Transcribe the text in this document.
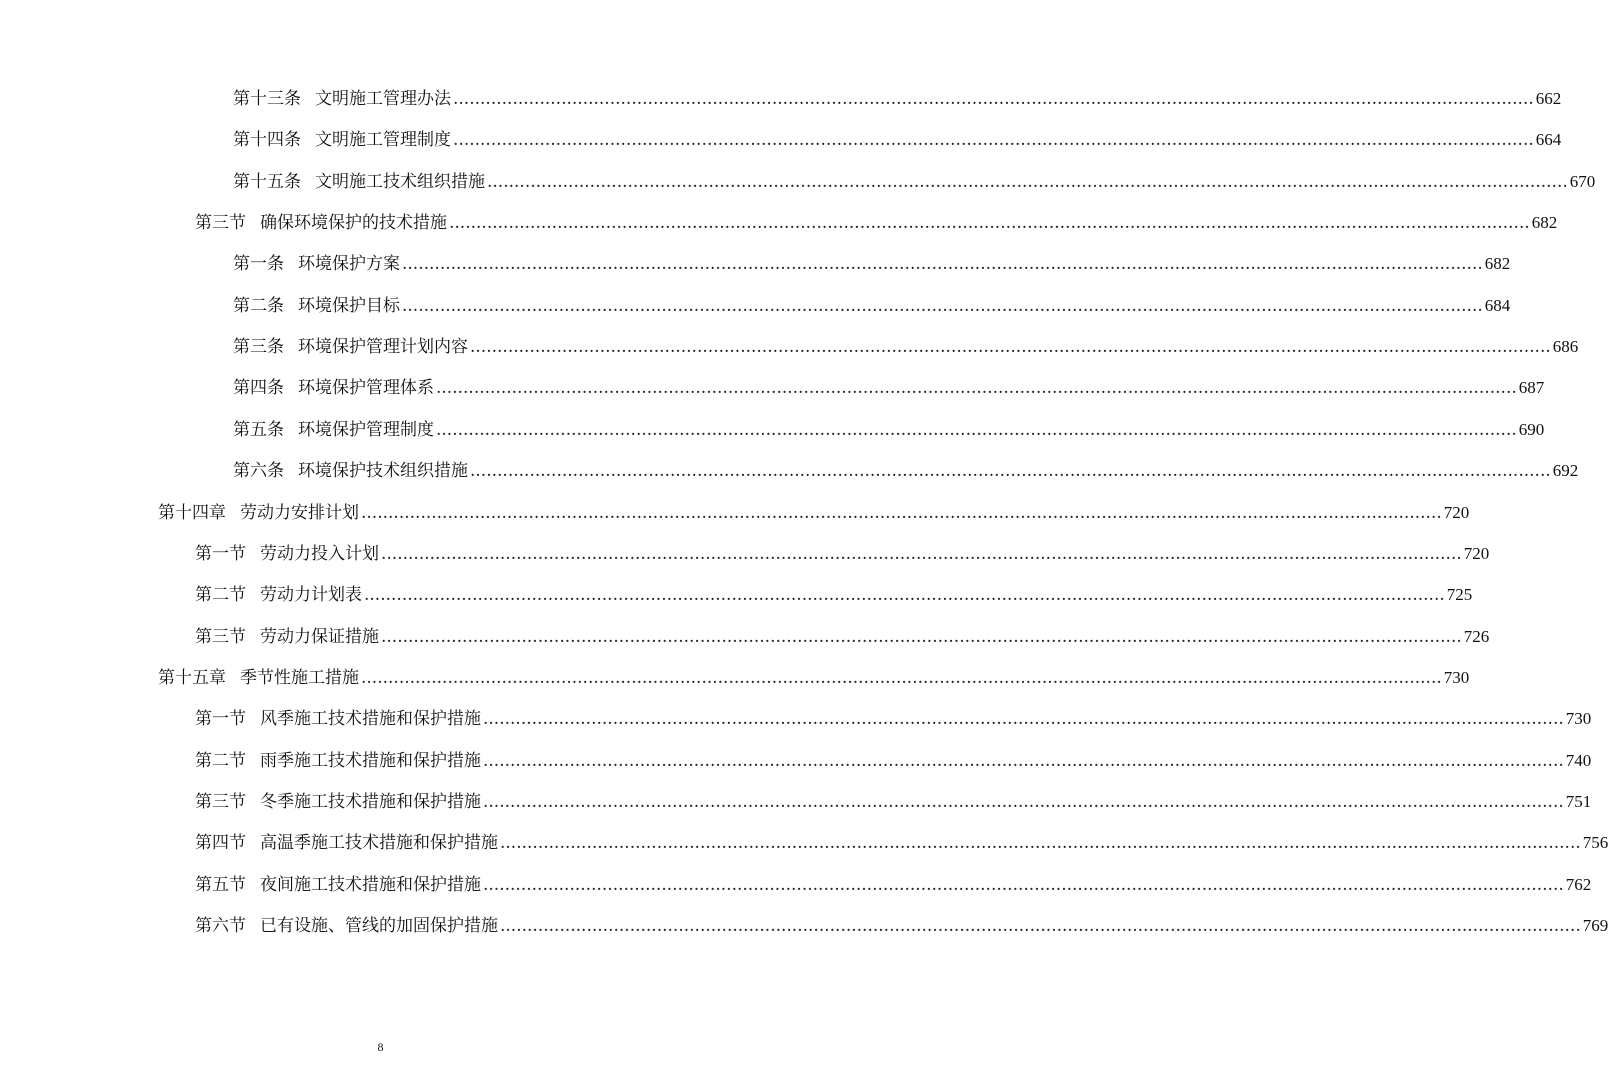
第十三条 文明施工管理办法 ........................................................................................................................................................................................................ 662
第十四条 文明施工管理制度 ........................................................................................................................................................................................................ 664
第十五条 文明施工技术组织措施 ........................................................................................................................................................................................................ 670
第三节 确保环境保护的技术措施 ........................................................................................................................................................................................................ 682
第一条 环境保护方案 ........................................................................................................................................................................................................ 682
第二条 环境保护目标 ........................................................................................................................................................................................................ 684
第三条 环境保护管理计划内容 ........................................................................................................................................................................................................ 686
第四条 环境保护管理体系 ........................................................................................................................................................................................................ 687
第五条 环境保护管理制度 ........................................................................................................................................................................................................ 690
第六条 环境保护技术组织措施 ........................................................................................................................................................................................................ 692
第十四章 劳动力安排计划 ........................................................................................................................................................................................................ 720
第一节 劳动力投入计划 ........................................................................................................................................................................................................ 720
第二节 劳动力计划表 ........................................................................................................................................................................................................ 725
第三节 劳动力保证措施 ........................................................................................................................................................................................................ 726
第十五章 季节性施工措施 ........................................................................................................................................................................................................ 730
第一节 风季施工技术措施和保护措施 ........................................................................................................................................................................................................ 730
第二节 雨季施工技术措施和保护措施 ........................................................................................................................................................................................................ 740
第三节 冬季施工技术措施和保护措施 ........................................................................................................................................................................................................ 751
第四节 高温季施工技术措施和保护措施 ........................................................................................................................................................................................................ 756
第五节 夜间施工技术措施和保护措施 ........................................................................................................................................................................................................ 762
第六节 已有设施、管线的加固保护措施 ........................................................................................................................................................................................................ 769
8
